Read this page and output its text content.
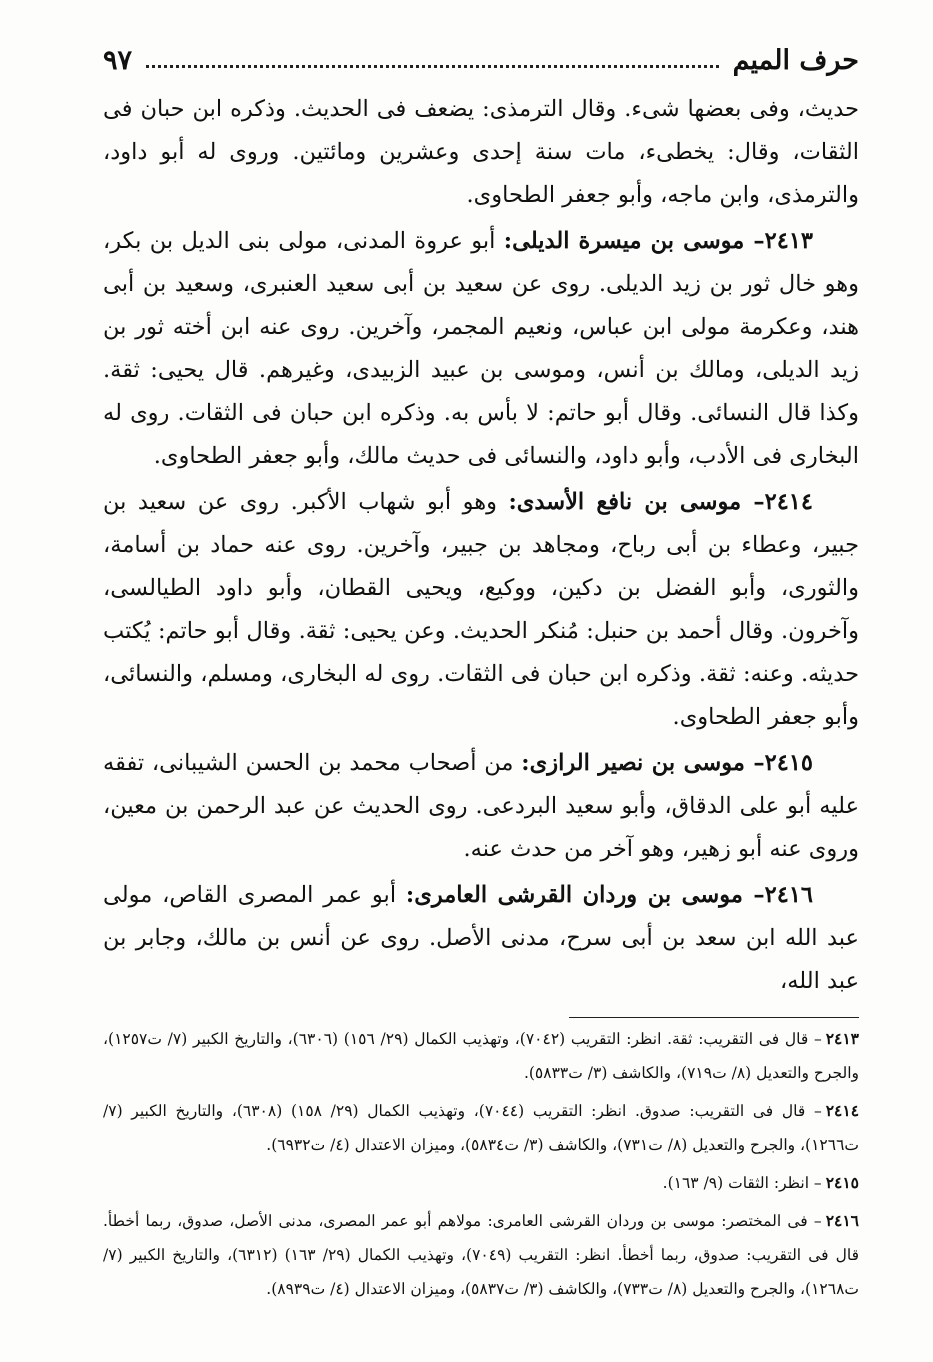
حرف الميم
٩٧

حديث، وفى بعضها شىء. وقال الترمذى: يضعف فى الحديث. وذكره ابن حبان فى الثقات، وقال: يخطىء، مات سنة إحدى وعشرين ومائتين. وروى له أبو داود، والترمذى، وابن ماجه، وأبو جعفر الطحاوى.

٢٤١٣– موسى بن ميسرة الديلى: أبو عروة المدنى، مولى بنى الديل بن بكر، وهو خال ثور بن زيد الديلى. روى عن سعيد بن أبى سعيد العنبرى، وسعيد بن أبى هند، وعكرمة مولى ابن عباس، ونعيم المجمر، وآخرين. روى عنه ابن أخته ثور بن زيد الديلى، ومالك بن أنس، وموسى بن عبيد الزبيدى، وغيرهم. قال يحيى: ثقة. وكذا قال النسائى. وقال أبو حاتم: لا بأس به. وذكره ابن حبان فى الثقات. روى له البخارى فى الأدب، وأبو داود، والنسائى فى حديث مالك، وأبو جعفر الطحاوى.

٢٤١٤– موسى بن نافع الأسدى: وهو أبو شهاب الأكبر. روى عن سعيد بن جبير، وعطاء بن أبى رباح، ومجاهد بن جبير، وآخرين. روى عنه حماد بن أسامة، والثورى، وأبو الفضل بن دكين، ووكيع، ويحيى القطان، وأبو داود الطيالسى، وآخرون. وقال أحمد بن حنبل: مُنكر الحديث. وعن يحيى: ثقة. وقال أبو حاتم: يُكتب حديثه. وعنه: ثقة. وذكره ابن حبان فى الثقات. روى له البخارى، ومسلم، والنسائى، وأبو جعفر الطحاوى.

٢٤١٥– موسى بن نصير الرازى: من أصحاب محمد بن الحسن الشيبانى، تفقه عليه أبو على الدقاق، وأبو سعيد البردعى. روى الحديث عن عبد الرحمن بن معين، وروى عنه أبو زهير، وهو آخر من حدث عنه.

٢٤١٦– موسى بن وردان القرشى العامرى: أبو عمر المصرى القاص، مولى عبد الله ابن سعد بن أبى سرح، مدنى الأصل. روى عن أنس بن مالك، وجابر بن عبد الله،

٢٤١٣– قال فى التقريب: ثقة. انظر: التقريب (٧٠٤٢)، وتهذيب الكمال (٢٩/ ١٥٦) (٦٣٠٦)، والتاريخ الكبير (٧/ ت١٢٥٧)، والجرح والتعديل (٨/ ت٧١٩)، والكاشف (٣/ ت٥٨٣٣).

٢٤١٤– قال فى التقريب: صدوق. انظر: التقريب (٧٠٤٤)، وتهذيب الكمال (٢٩/ ١٥٨) (٦٣٠٨)، والتاريخ الكبير (٧/ ت١٢٦٦)، والجرح والتعديل (٨/ ت٧٣١)، والكاشف (٣/ ت٥٨٣٤)، وميزان الاعتدال (٤/ ت٦٩٣٢).

٢٤١٥– انظر: الثقات (٩/ ١٦٣).

٢٤١٦– فى المختصر: موسى بن وردان القرشى العامرى: مولاهم أبو عمر المصرى، مدنى الأصل، صدوق، ربما أخطأ. قال فى التقريب: صدوق، ربما أخطأ. انظر: التقريب (٧٠٤٩)، وتهذيب الكمال (٢٩/ ١٦٣) (٦٣١٢)، والتاريخ الكبير (٧/ ت١٢٦٨)، والجرح والتعديل (٨/ ت٧٣٣)، والكاشف (٣/ ت٥٨٣٧)، وميزان الاعتدال (٤/ ت٨٩٣٩).
